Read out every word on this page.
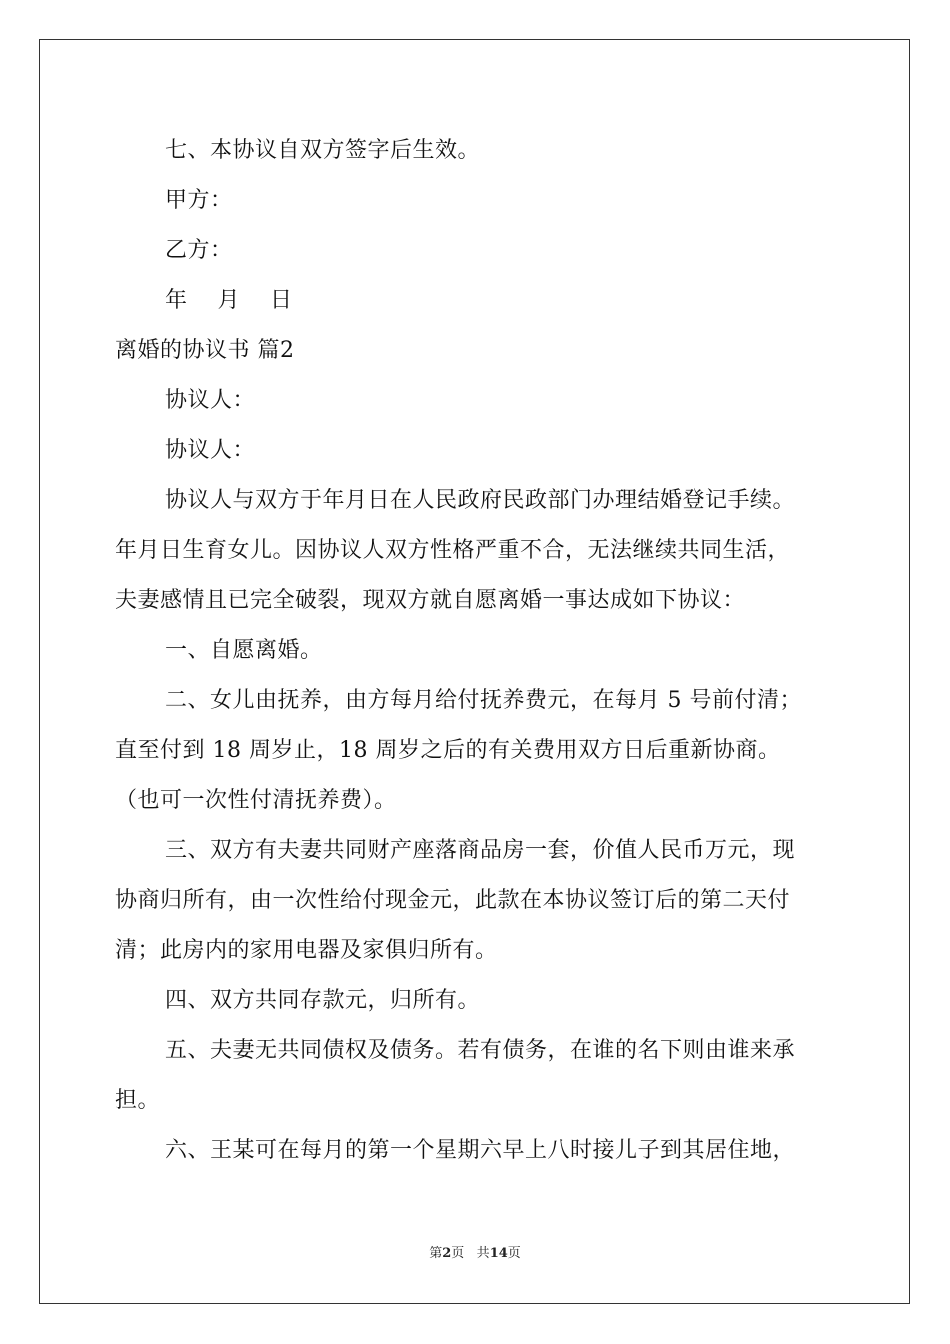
七、本协议自双方签字后生效。
甲方：
乙方：
年    月    日
离婚的协议书 篇2
协议人：
协议人：
协议人与双方于年月日在人民政府民政部门办理结婚登记手续。
年月日生育女儿。因协议人双方性格严重不合，无法继续共同生活，
夫妻感情且已完全破裂，现双方就自愿离婚一事达成如下协议：
一、自愿离婚。
二、女儿由抚养，由方每月给付抚养费元，在每月 5 号前付清；
直至付到 18 周岁止，18 周岁之后的有关费用双方日后重新协商。
（也可一次性付清抚养费）。
三、双方有夫妻共同财产座落商品房一套，价值人民币万元，现
协商归所有，由一次性给付现金元，此款在本协议签订后的第二天付
清；此房内的家用电器及家俱归所有。
四、双方共同存款元，归所有。
五、夫妻无共同债权及债务。若有债务，在谁的名下则由谁来承
担。
六、王某可在每月的第一个星期六早上八时接儿子到其居住地，
第2页 共14页
